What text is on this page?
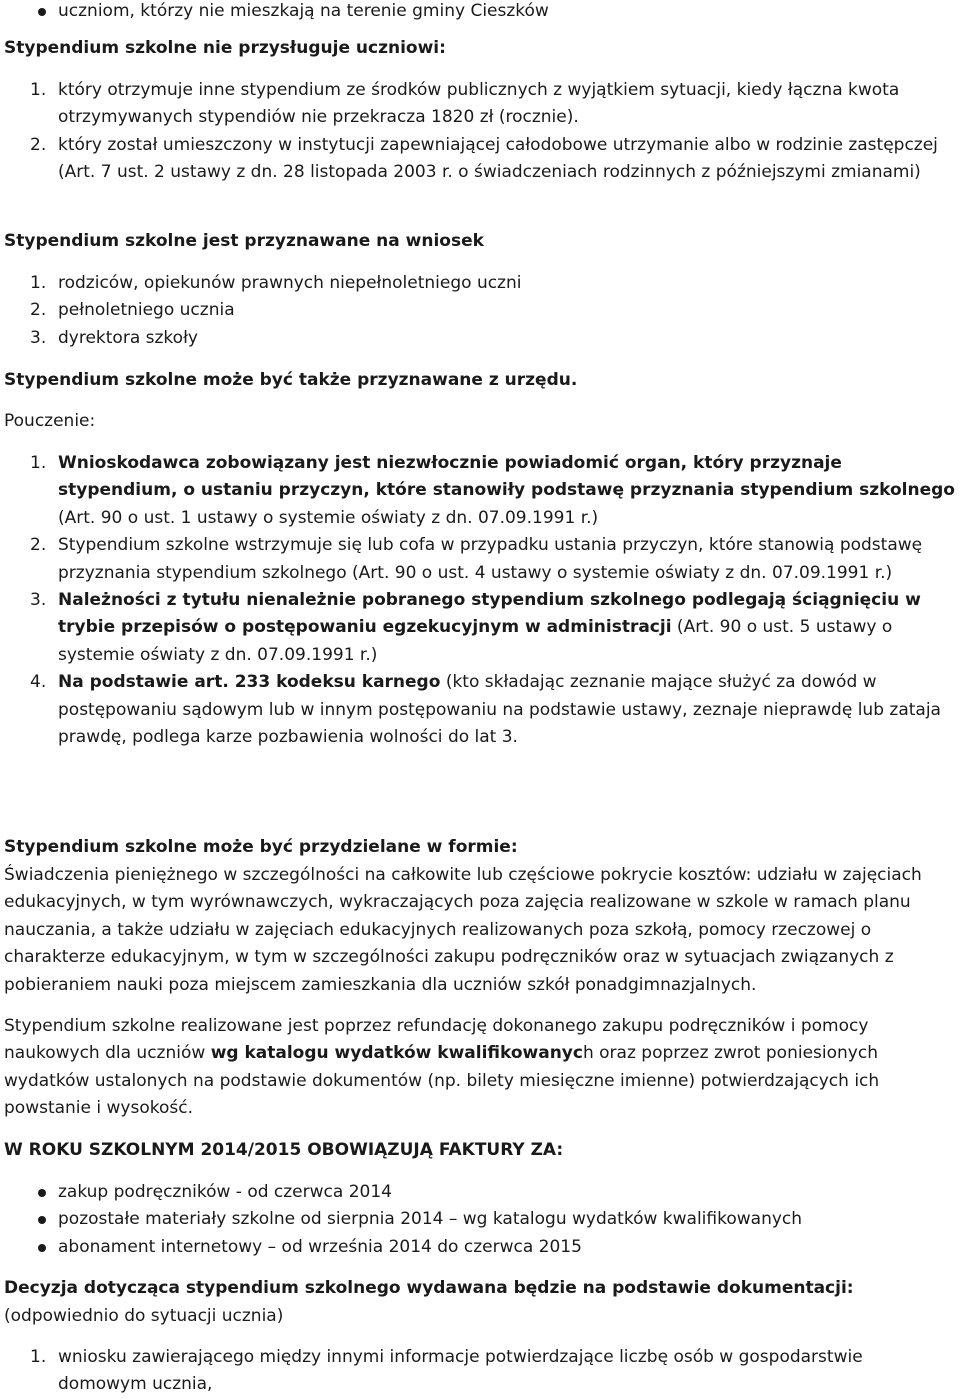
uczniom, którzy nie mieszkają na terenie gminy Cieszków
Stypendium szkolne nie przysługuje uczniowi:
1. który otrzymuje inne stypendium ze środków publicznych z wyjątkiem sytuacji, kiedy łączna kwota otrzymywanych stypendiów nie przekracza 1820 zł (rocznie).
2. który został umieszczony w instytucji zapewniającej całodobowe utrzymanie albo w rodzinie zastępczej (Art. 7 ust. 2 ustawy z dn. 28 listopada 2003 r. o świadczeniach rodzinnych z późniejszymi zmianami)
Stypendium szkolne jest przyznawane na wniosek
1. rodziców, opiekunów prawnych niepełnoletniego uczni
2. pełnoletniego ucznia
3. dyrektora szkoły
Stypendium szkolne może być także przyznawane z urzędu.
Pouczenie:
1. Wnioskodawca zobowiązany jest niezwłocznie powiadomić organ, który przyznaje stypendium, o ustaniu przyczyn, które stanowiły podstawę przyznania stypendium szkolnego (Art. 90 o ust. 1 ustawy o systemie oświaty z dn. 07.09.1991 r.)
2. Stypendium szkolne wstrzymuje się lub cofa w przypadku ustania przyczyn, które stanowią podstawę przyznania stypendium szkolnego (Art. 90 o ust. 4 ustawy o systemie oświaty z dn. 07.09.1991 r.)
3. Należności z tytułu nienależnie pobranego stypendium szkolnego podlegają ściągnięciu w trybie przepisów o postępowaniu egzekucyjnym w administracji (Art. 90 o ust. 5 ustawy o systemie oświaty z dn. 07.09.1991 r.)
4. Na podstawie art. 233 kodeksu karnego (kto składając zeznanie mające służyć za dowód w postępowaniu sądowym lub w innym postępowaniu na podstawie ustawy, zeznaje nieprawdę lub zataja prawdę, podlega karze pozbawienia wolności do lat 3.
Stypendium szkolne może być przydzielane w formie:

Świadczenia pieniężnego w szczególności na całkowite lub częściowe pokrycie kosztów: udziału w zajęciach edukacyjnych, w tym wyrównawczych, wykraczających poza zajęcia realizowane w szkole w ramach planu nauczania, a także udziału w zajęciach edukacyjnych realizowanych poza szkołą, pomocy rzeczowej o charakterze edukacyjnym, w tym w szczególności zakupu podręczników oraz w sytuacjach związanych z pobieraniem nauki poza miejscem zamieszkania dla uczniów szkół ponadgimnazjalnych.

Stypendium szkolne realizowane jest poprzez refundację dokonanego zakupu podręczników i pomocy naukowych dla uczniów wg katalogu wydatków kwalifikowanych oraz poprzez zwrot poniesionych wydatków ustalonych na podstawie dokumentów (np. bilety miesięczne imienne) potwierdzających ich powstanie i wysokość.

W ROKU SZKOLNYM 2014/2015 OBOWIĄZUJĄ FAKTURY ZA:
zakup podręczników - od czerwca 2014
pozostałe materiały szkolne od sierpnia 2014 – wg katalogu wydatków kwalifikowanych
abonament internetowy – od września 2014 do czerwca 2015
Decyzja dotycząca stypendium szkolnego wydawana będzie na podstawie dokumentacji:
(odpowiednio do sytuacji ucznia)
1. wniosku zawierającego między innymi informacje potwierdzające liczbę osób w gospodarstwie domowym ucznia,
